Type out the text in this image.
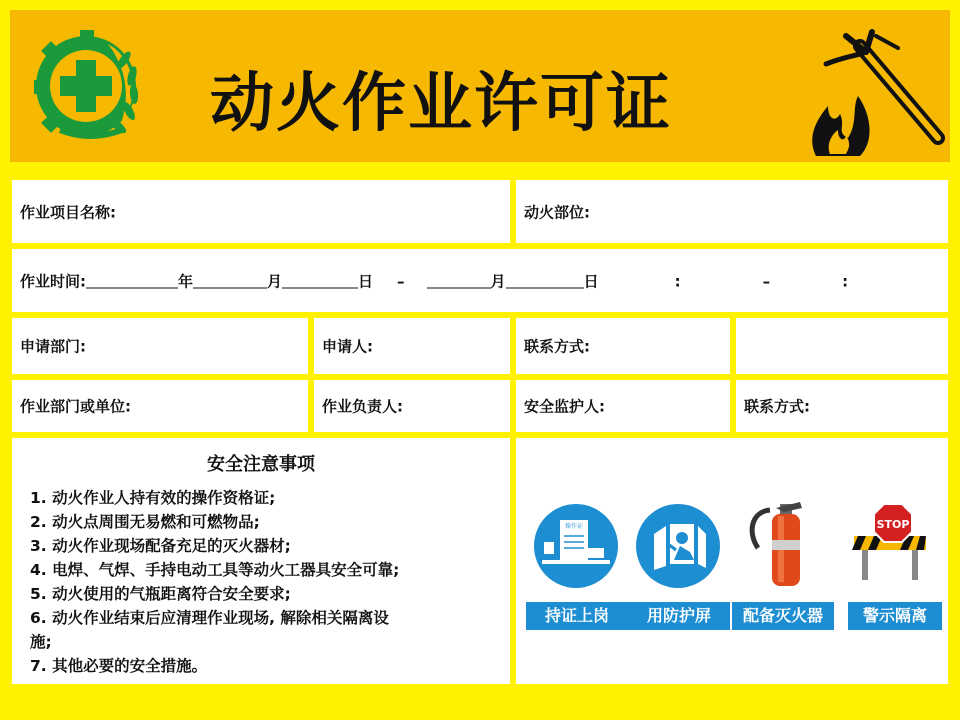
动火作业许可证
作业项目名称:	动火部位:
作业时间:	年	月	日 –	月	日	:	–	:
申请部门:	申请人:	联系方式:
作业部门或单位:	作业负责人:	安全监护人:	联系方式:
安全注意事项
1. 动火作业人持有效的操作资格证;
2. 动火点周围无易燃和可燃物品;
3. 动火作业现场配备充足的灭火器材;
4. 电焊、气焊、手持电动工具等动火工器具安全可靠;
5. 动火使用的气瓶距离符合安全要求;
6. 动火作业结束后应清理作业现场, 解除相关隔离设
施;
7. 其他必要的安全措施。
操作证
持证上岗	用防护屏	配备灭火器
STOP
警示隔离
